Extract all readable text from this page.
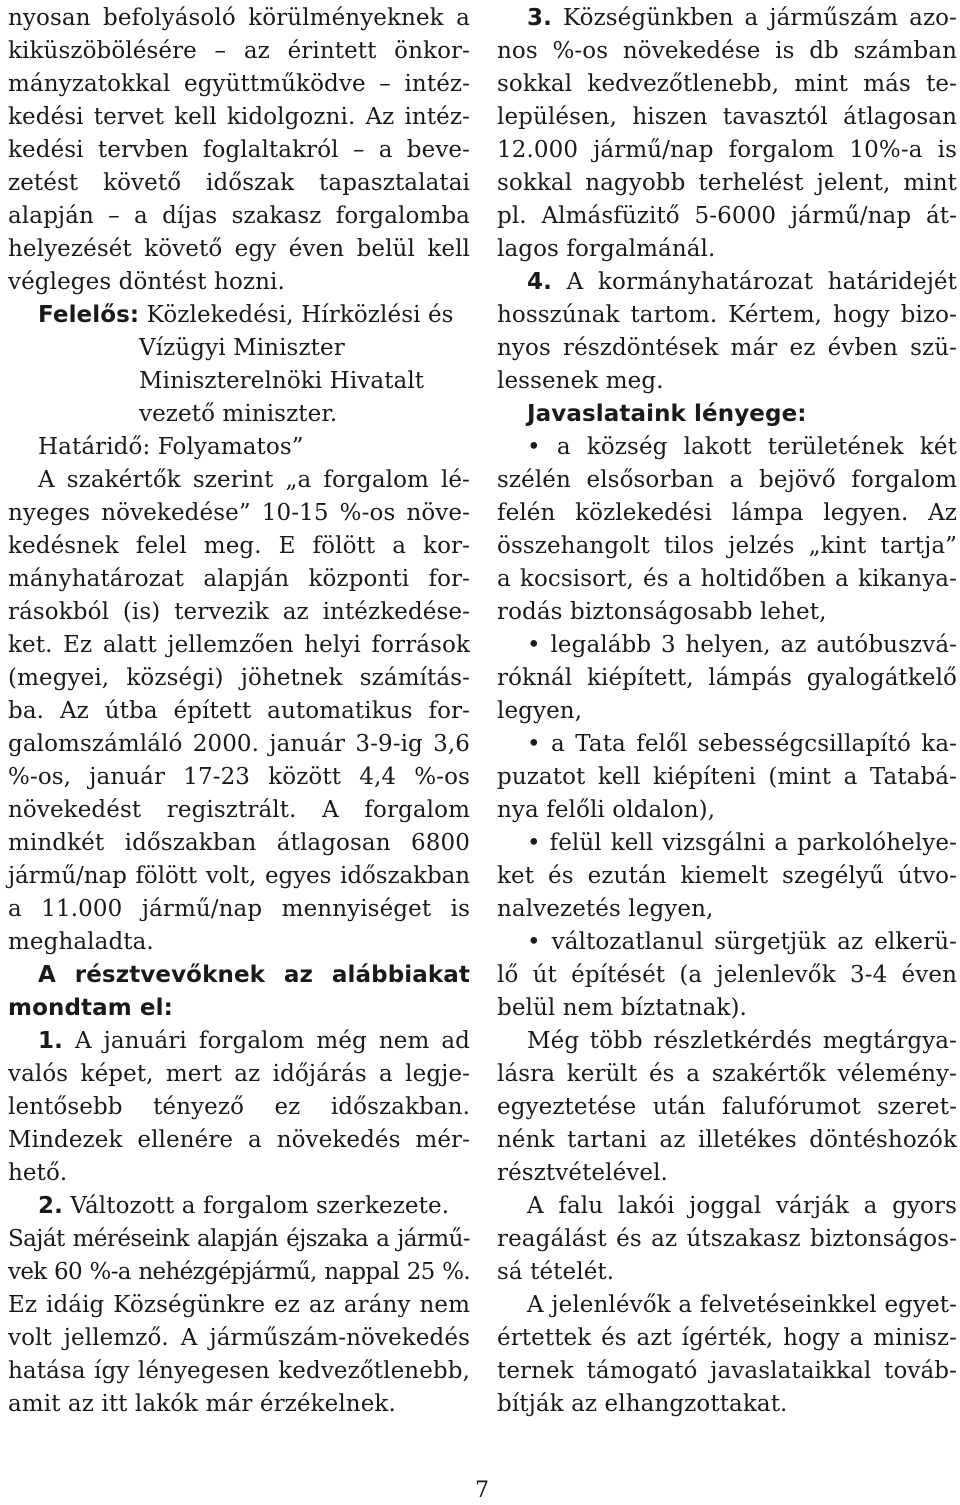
nyosan befolyásoló körülményeknek a
kiküszöbölésére – az érintett önkor-
mányzatokkal együttműködve – intéz-
kedési tervet kell kidolgozni. Az intéz-
kedési tervben foglaltakról – a beve-
zetést követő időszak tapasztalatai
alapján – a díjas szakasz forgalomba
helyezését követő egy éven belül kell
végleges döntést hozni.
Felelős: Közlekedési, Hírközlési és
Vízügyi Miniszter
Miniszterelnöki Hivatalt
vezető miniszter.
Határidő: Folyamatos”
A szakértők szerint „a forgalom lé-
nyeges növekedése” 10-15 %-os növe-
kedésnek felel meg. E fölött a kor-
mányhatározat alapján központi for-
rásokból (is) tervezik az intézkedése-
ket. Ez alatt jellemzően helyi források
(megyei, községi) jöhetnek számítás-
ba. Az útba épített automatikus for-
galomszámláló 2000. január 3-9-ig 3,6
%-os, január 17-23 között 4,4 %-os
növekedést regisztrált. A forgalom
mindkét időszakban átlagosan 6800
jármű/nap fölött volt, egyes időszakban
a 11.000 jármű/nap mennyiséget is
meghaladta.
A résztvevőknek az alábbiakat
mondtam el:
1. A januári forgalom még nem ad
valós képet, mert az időjárás a legje-
lentősebb tényező ez időszakban.
Mindezek ellenére a növekedés mér-
hető.
2. Változott a forgalom szerkezete.
Saját méréseink alapján éjszaka a jármű-
vek 60 %-a nehézgépjármű, nappal 25 %.
Ez idáig Községünkre ez az arány nem
volt jellemző. A járműszám-növekedés
hatása így lényegesen kedvezőtlenebb,
amit az itt lakók már érzékelnek.
3. Községünkben a járműszám azo-
nos %-os növekedése is db számban
sokkal kedvezőtlenebb, mint más te-
lepülésen, hiszen tavasztól átlagosan
12.000 jármű/nap forgalom 10%-a is
sokkal nagyobb terhelést jelent, mint
pl. Almásfüzitő 5-6000 jármű/nap át-
lagos forgalmánál.
4. A kormányhatározat határidejét
hosszúnak tartom. Kértem, hogy bizo-
nyos részdöntések már ez évben szü-
lessenek meg.
Javaslataink lényege:
• a község lakott területének két
szélén elsősorban a bejövő forgalom
felén közlekedési lámpa legyen. Az
összehangolt tilos jelzés „kint tartja”
a kocsisort, és a holtidőben a kikanya-
rodás biztonságosabb lehet,
• legalább 3 helyen, az autóbuszvá-
róknál kiépített, lámpás gyalogátkelő
legyen,
• a Tata felől sebességcsillapító ka-
puzatot kell kiépíteni (mint a Tatabá-
nya felőli oldalon),
• felül kell vizsgálni a parkolóhelye-
ket és ezután kiemelt szegélyű útvo-
nalvezetés legyen,
• változatlanul sürgetjük az elkerü-
lő út építését (a jelenlevők 3-4 éven
belül nem bíztatnak).
Még több részletkérdés megtárgya-
lásra került és a szakértők vélemény-
egyeztetése után falufórumot szeret-
nénk tartani az illetékes döntéshozók
résztvételével.
A falu lakói joggal várják a gyors
reagálást és az útszakasz biztonságos-
sá tételét.
A jelenlévők a felvetéseinkkel egyet-
értettek és azt ígérték, hogy a minisz-
ternek támogató javaslataikkal továb-
bítják az elhangzottakat.
7
